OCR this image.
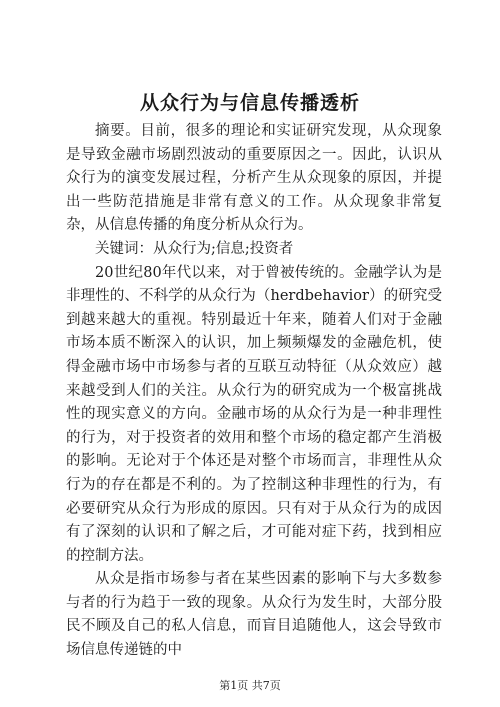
从众行为与信息传播透析

摘要。目前，很多的理论和实证研究发现，从众现象是导致金融市场剧烈波动的重要原因之一。因此，认识从众行为的演变发展过程，分析产生从众现象的原因，并提出一些防范措施是非常有意义的工作。从众现象非常复杂，从信息传播的角度分析从众行为。

关键词：从众行为;信息;投资者

20世纪80年代以来，对于曾被传统的。金融学认为是非理性的、不科学的从众行为（herdbehavior）的研究受到越来越大的重视。特别最近十年来，随着人们对于金融市场本质不断深入的认识，加上频频爆发的金融危机，使得金融市场中市场参与者的互联互动特征（从众效应）越来越受到人们的关注。从众行为的研究成为一个极富挑战性的现实意义的方向。金融市场的从众行为是一种非理性的行为，对于投资者的效用和整个市场的稳定都产生消极的影响。无论对于个体还是对整个市场而言，非理性从众行为的存在都是不利的。为了控制这种非理性的行为，有必要研究从众行为形成的原因。只有对于从众行为的成因有了深刻的认识和了解之后，才可能对症下药，找到相应的控制方法。

从众是指市场参与者在某些因素的影响下与大多数参与者的行为趋于一致的现象。从众行为发生时，大部分股民不顾及自己的私人信息，而盲目追随他人，这会导致市场信息传递链的中

第1页 共7页
